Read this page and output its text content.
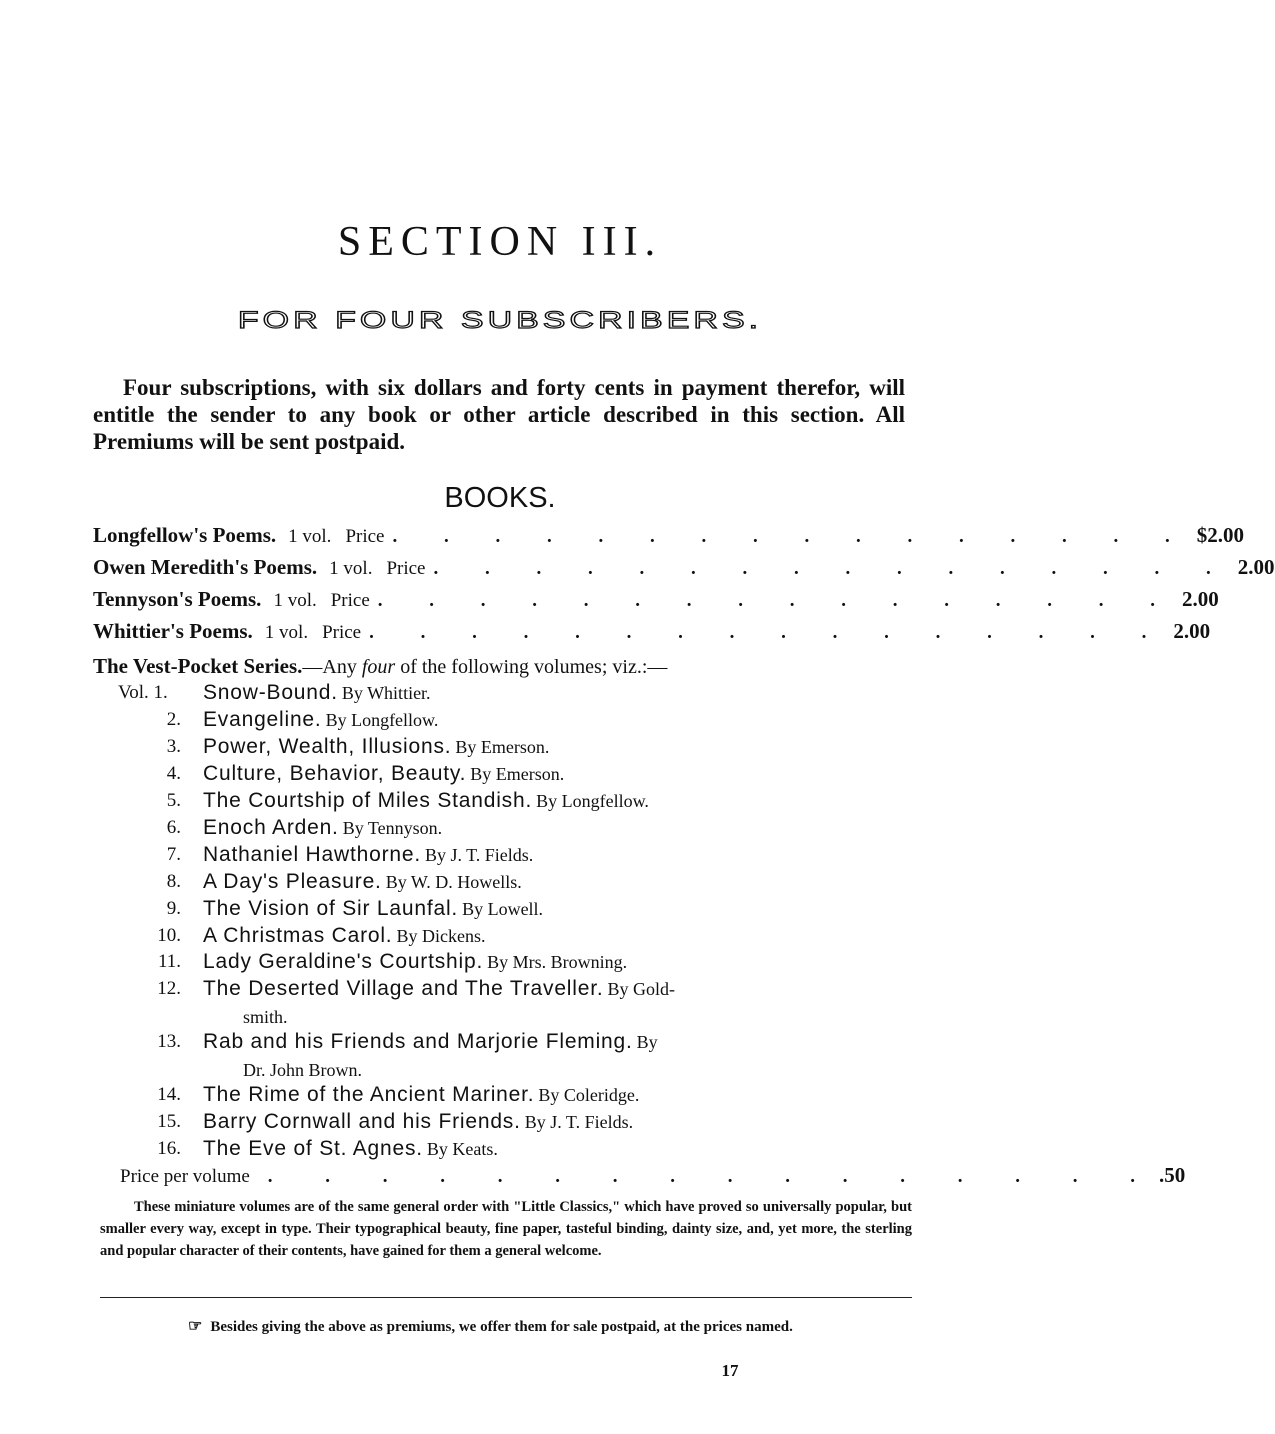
SECTION III.
FOR FOUR SUBSCRIBERS.
Four subscriptions, with six dollars and forty cents in payment therefor, will entitle the sender to any book or other article described in this section. All Premiums will be sent postpaid.
BOOKS.
Longfellow's Poems. 1 vol. Price . . . . . . . . . . . . . . . . $2.00
Owen Meredith's Poems. 1 vol. Price . . . . . . . . . . . . . . . . 2.00
Tennyson's Poems. 1 vol. Price . . . . . . . . . . . . . . . . 2.00
Whittier's Poems. 1 vol. Price . . . . . . . . . . . . . . . . 2.00
The Vest-Pocket Series.—Any four of the following volumes; viz.:—
Vol. 1.	Snow-Bound. By Whittier.
2. Evangeline. By Longfellow.
3. Power, Wealth, Illusions. By Emerson.
4. Culture, Behavior, Beauty. By Emerson.
5. The Courtship of Miles Standish. By Longfellow.
6. Enoch Arden. By Tennyson.
7. Nathaniel Hawthorne. By J. T. Fields.
8. A Day's Pleasure. By W. D. Howells.
9. The Vision of Sir Launfal. By Lowell.
10. A Christmas Carol. By Dickens.
11. Lady Geraldine's Courtship. By Mrs. Browning.
12. The Deserted Village and The Traveller. By Gold-
smith.
13. Rab and his Friends and Marjorie Fleming. By
Dr. John Brown.
14. The Rime of the Ancient Mariner. By Coleridge.
15. Barry Cornwall and his Friends. By J. T. Fields.
16. The Eve of St. Agnes. By Keats.
Price per volume . . . . . . . . . . . . . . . . .50
These miniature volumes are of the same general order with "Little Classics," which have proved so universally popular, but smaller every way, except in type. Their typographical beauty, fine paper, tasteful binding, dainty size, and, yet more, the sterling and popular character of their contents, have gained for them a general welcome.
☞ Besides giving the above as premiums, we offer them for sale postpaid, at the prices named.
17
